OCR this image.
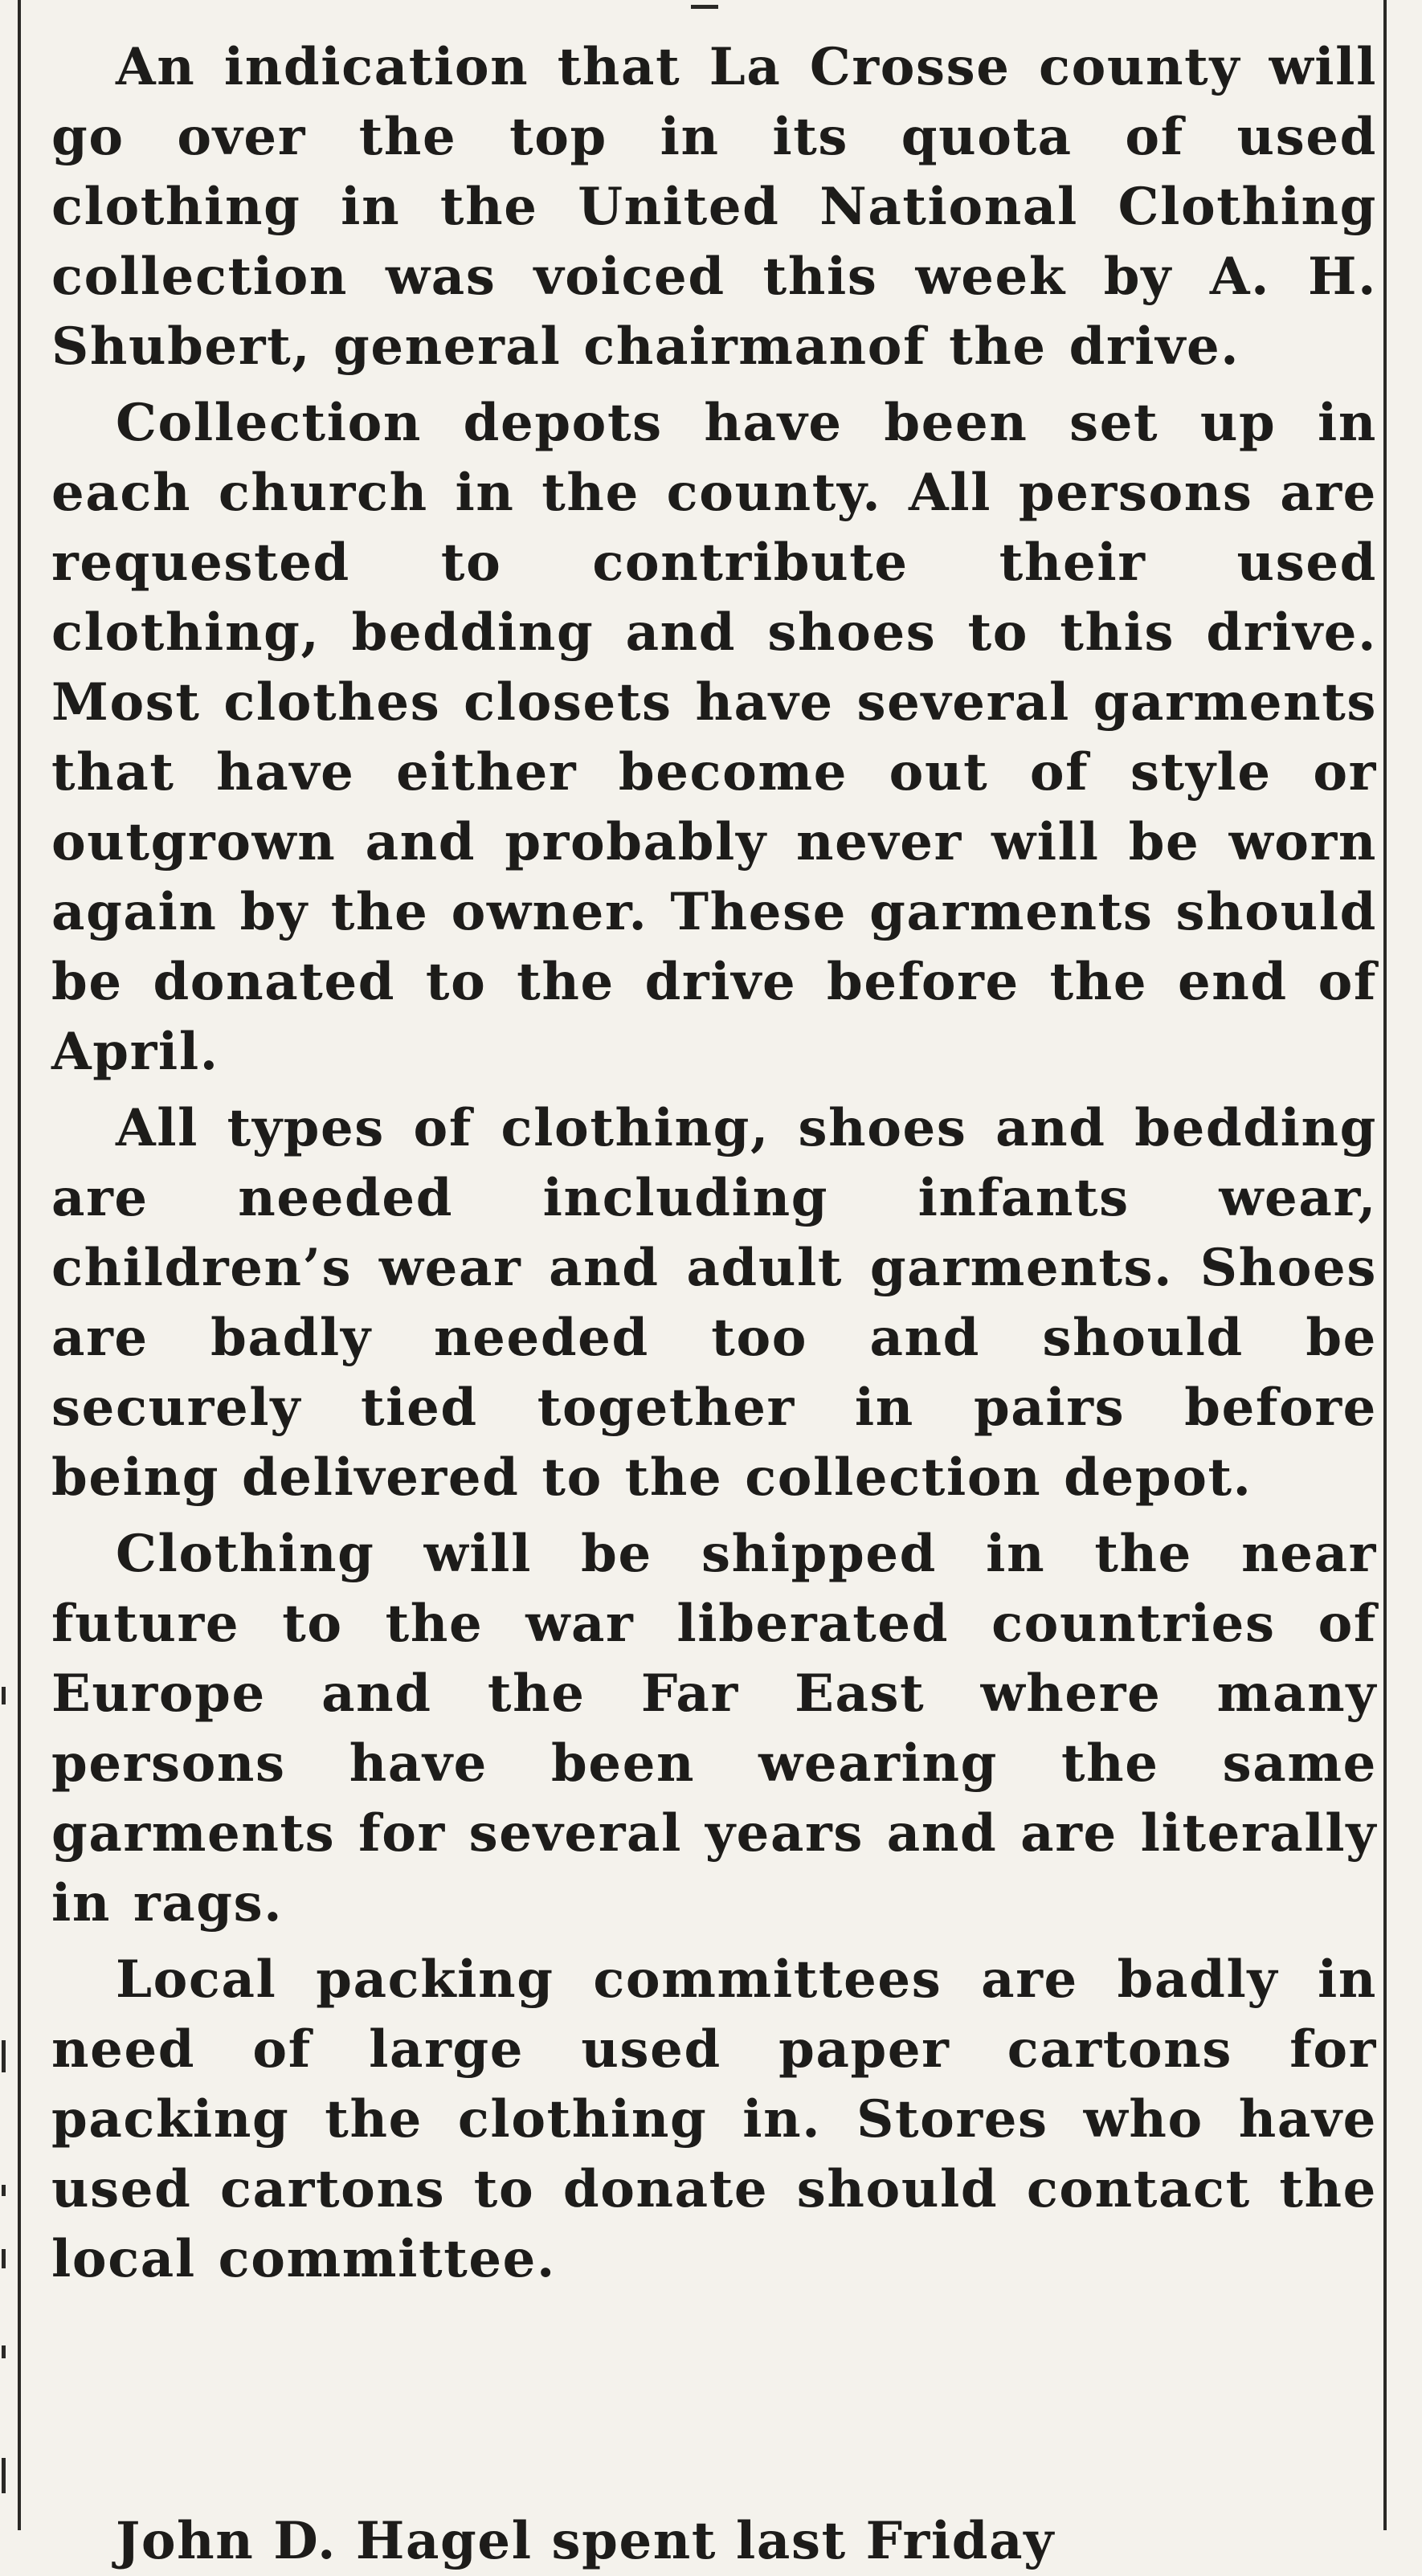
An indication that La Crosse county will go over the top in its quota of used clothing in the United National Clothing collection was voiced this week by A. H. Shubert, general chairmanof the drive.

Collection depots have been set up in each church in the county. All persons are requested to contribute their used clothing, bedding and shoes to this drive. Most clothes closets have several garments that have either become out of style or outgrown and probably never will be worn again by the owner. These garments should be donated to the drive before the end of April.

All types of clothing, shoes and bedding are needed including infants wear, children’s wear and adult garments. Shoes are badly needed too and should be securely tied together in pairs before being delivered to the collection depot.

Clothing will be shipped in the near future to the war liberated countries of Europe and the Far East where many persons have been wearing the same garments for several years and are literally in rags.

Local packing committees are badly in need of large used paper cartons for packing the clothing in. Stores who have used cartons to donate should contact the local committee.

John D. Hagel spent last Friday
